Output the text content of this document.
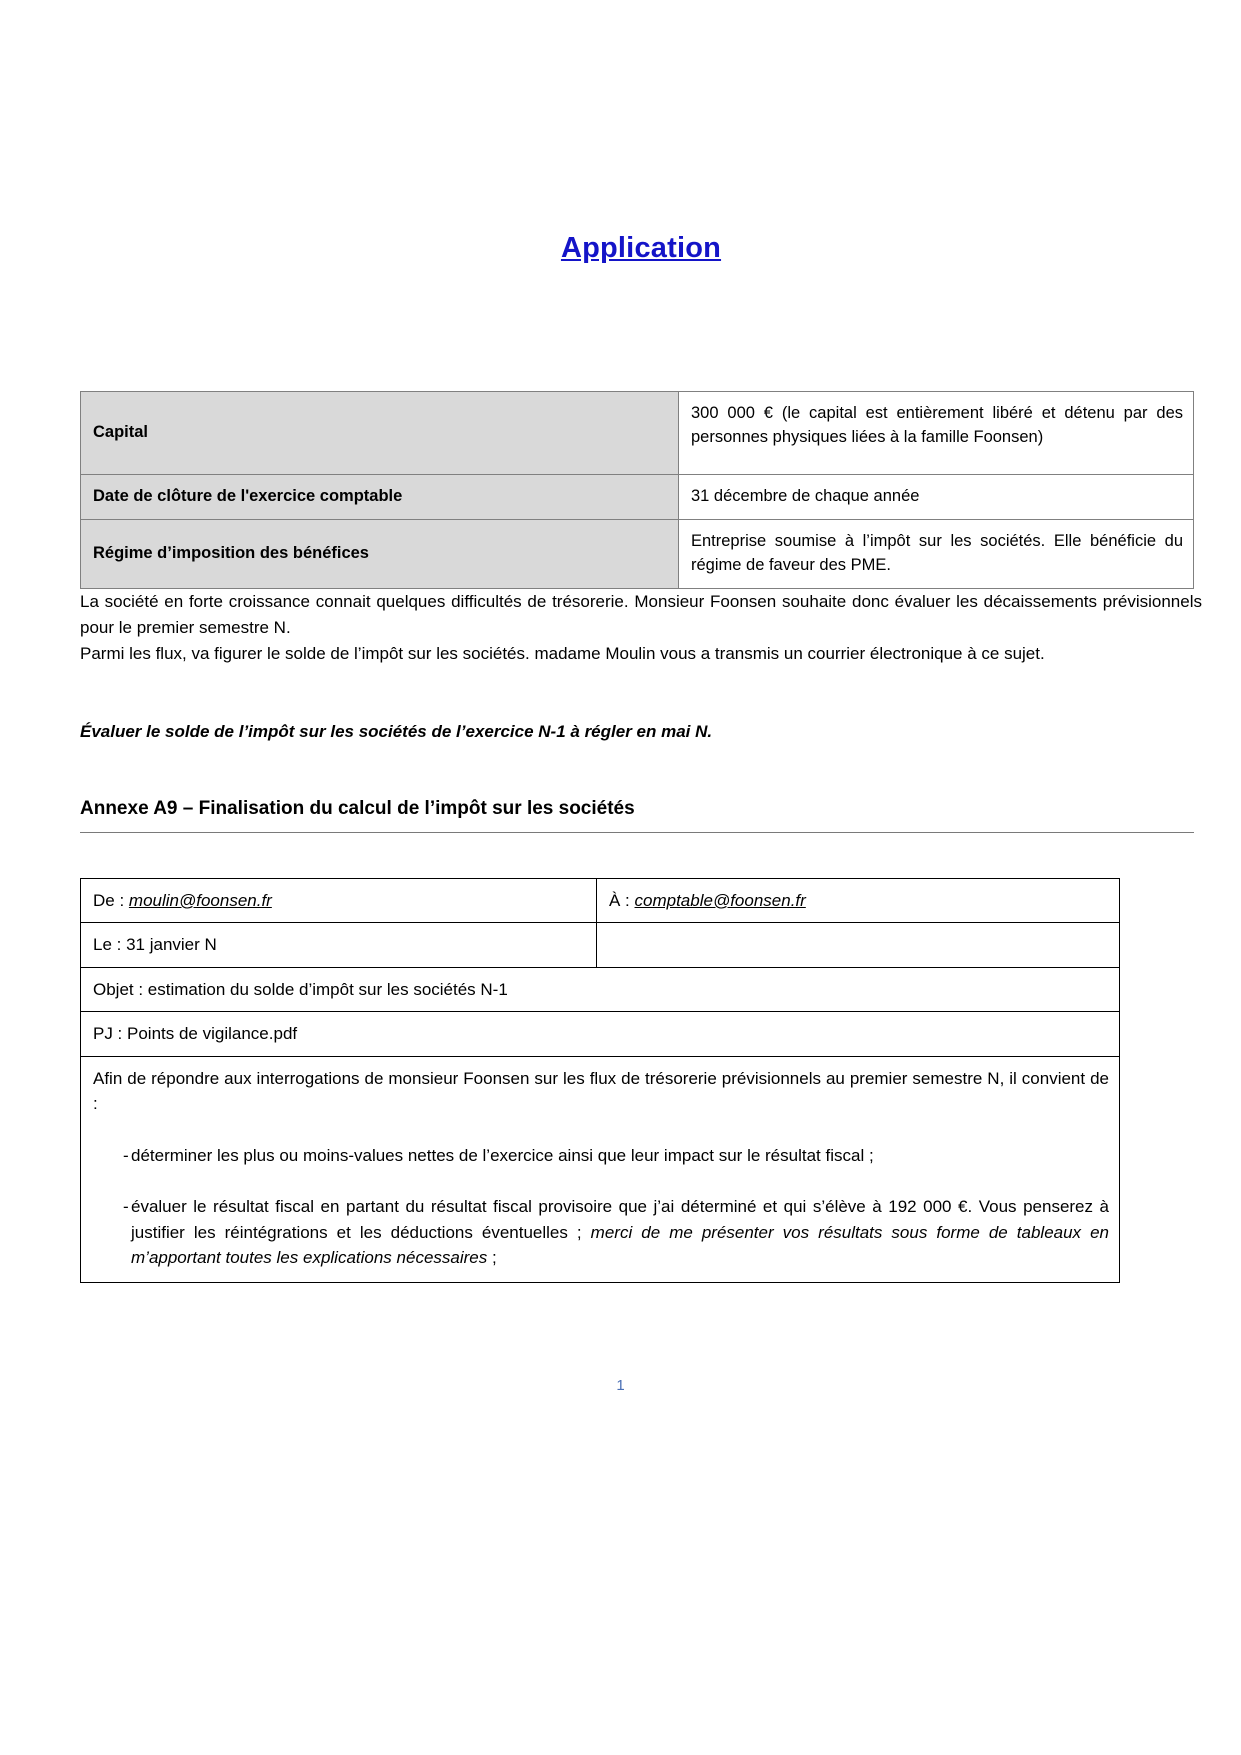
Application
Capital	300 000 € (le capital est entièrement libéré et détenu par des personnes physiques liées à la famille Foonsen)
Date de clôture de l'exercice comptable	31 décembre de chaque année
Régime d’imposition des bénéfices	Entreprise soumise à l’impôt sur les sociétés. Elle bénéficie du régime de faveur des PME.

La société en forte croissance connait quelques difficultés de trésorerie. Monsieur Foonsen souhaite donc évaluer les décaissements prévisionnels pour le premier semestre N.

Parmi les flux, va figurer le solde de l’impôt sur les sociétés. madame Moulin vous a transmis un courrier électronique à ce sujet.

Évaluer le solde de l’impôt sur les sociétés de l’exercice N-1 à régler en mai N.

Annexe A9 – Finalisation du calcul de l’impôt sur les sociétés
De : moulin@foonsen.fr	À : comptable@foonsen.fr
Le : 31 janvier N	
Objet : estimation du solde d’impôt sur les sociétés N-1	
PJ : Points de vigilance.pdf	

Afin de répondre aux interrogations de monsieur Foonsen sur les flux de trésorerie prévisionnels au premier semestre N, il convient de :

- déterminer les plus ou moins-values nettes de l’exercice ainsi que leur impact sur le résultat fiscal ;
- évaluer le résultat fiscal en partant du résultat fiscal provisoire que j’ai déterminé et qui s’élève à 192 000 €. Vous penserez à justifier les réintégrations et les déductions éventuelles ; merci de me présenter vos résultats sous forme de tableaux en m’apportant toutes les explications nécessaires ;
1
